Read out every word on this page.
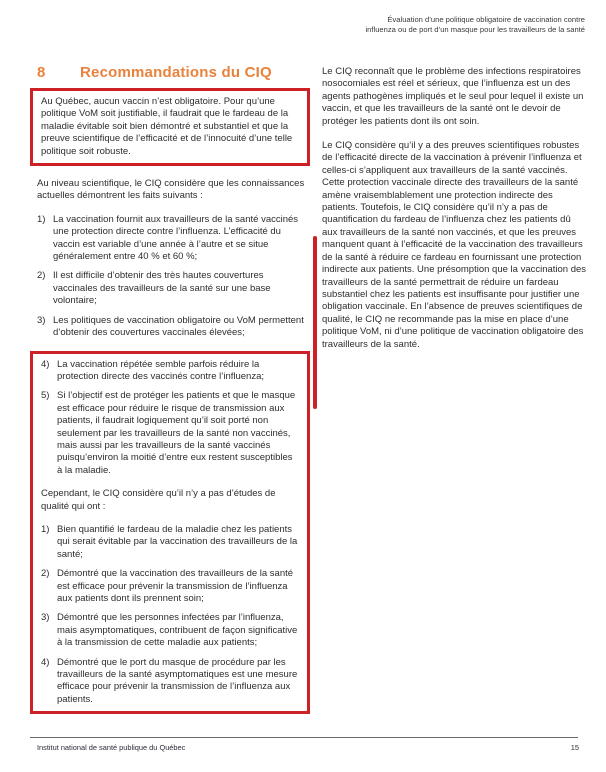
Évaluation d’une politique obligatoire de vaccination contre
influenza ou de port d’un masque pour les travailleurs de la santé
8 Recommandations du CIQ
Au Québec, aucun vaccin n’est obligatoire. Pour qu’une politique VoM soit justifiable, il faudrait que le fardeau de la maladie évitable soit bien démontré et substantiel et que la preuve scientifique de l’efficacité et de l’innocuité d’une telle politique soit robuste.
Au niveau scientifique, le CIQ considère que les connaissances actuelles démontrent les faits suivants :
1) La vaccination fournit aux travailleurs de la santé vaccinés une protection directe contre l’influenza. L’efficacité du vaccin est variable d’une année à l’autre et se situe généralement entre 40 % et 60 %;
2) Il est difficile d’obtenir des très hautes couvertures vaccinales des travailleurs de la santé sur une base volontaire;
3) Les politiques de vaccination obligatoire ou VoM permettent d’obtenir des couvertures vaccinales élevées;
4) La vaccination répétée semble parfois réduire la protection directe des vaccinés contre l’influenza;
5) Si l’objectif est de protéger les patients et que le masque est efficace pour réduire le risque de transmission aux patients, il faudrait logiquement qu’il soit porté non seulement par les travailleurs de la santé non vaccinés, mais aussi par les travailleurs de la santé vaccinés puisqu’environ la moitié d’entre eux restent susceptibles à la maladie.
Cependant, le CIQ considère qu’il n’y a pas d’études de qualité qui ont :
1) Bien quantifié le fardeau de la maladie chez les patients qui serait évitable par la vaccination des travailleurs de la santé;
2) Démontré que la vaccination des travailleurs de la santé est efficace pour prévenir la transmission de l’influenza aux patients dont ils prennent soin;
3) Démontré que les personnes infectées par l’influenza, mais asymptomatiques, contribuent de façon significative à la transmission de cette maladie aux patients;
4) Démontré que le port du masque de procédure par les travailleurs de la santé asymptomatiques est une mesure efficace pour prévenir la transmission de l’influenza aux patients.
Le CIQ reconnaît que le problème des infections respiratoires nosocomiales est réel et sérieux, que l’influenza est un des agents pathogènes impliqués et le seul pour lequel il existe un vaccin, et que les travailleurs de la santé ont le devoir de protéger les patients dont ils ont soin.
Le CIQ considère qu’il y a des preuves scientifiques robustes de l’efficacité directe de la vaccination à prévenir l’influenza et celles-ci s’appliquent aux travailleurs de la santé vaccinés. Cette protection vaccinale directe des travailleurs de la santé amène vraisemblablement une protection indirecte des patients. Toutefois, le CIQ considère qu’il n’y a pas de quantification du fardeau de l’influenza chez les patients dû aux travailleurs de la santé non vaccinés, et que les preuves manquent quant à l’efficacité de la vaccination des travailleurs de la santé à réduire ce fardeau en fournissant une protection indirecte aux patients. Une présomption que la vaccination des travailleurs de la santé permettrait de réduire un fardeau substantiel chez les patients est insuffisante pour justifier une obligation vaccinale. En l’absence de preuves scientifiques de qualité, le CIQ ne recommande pas la mise en place d’une politique VoM, ni d’une politique de vaccination obligatoire des travailleurs de la santé.
Institut national de santé publique du Québec	15
